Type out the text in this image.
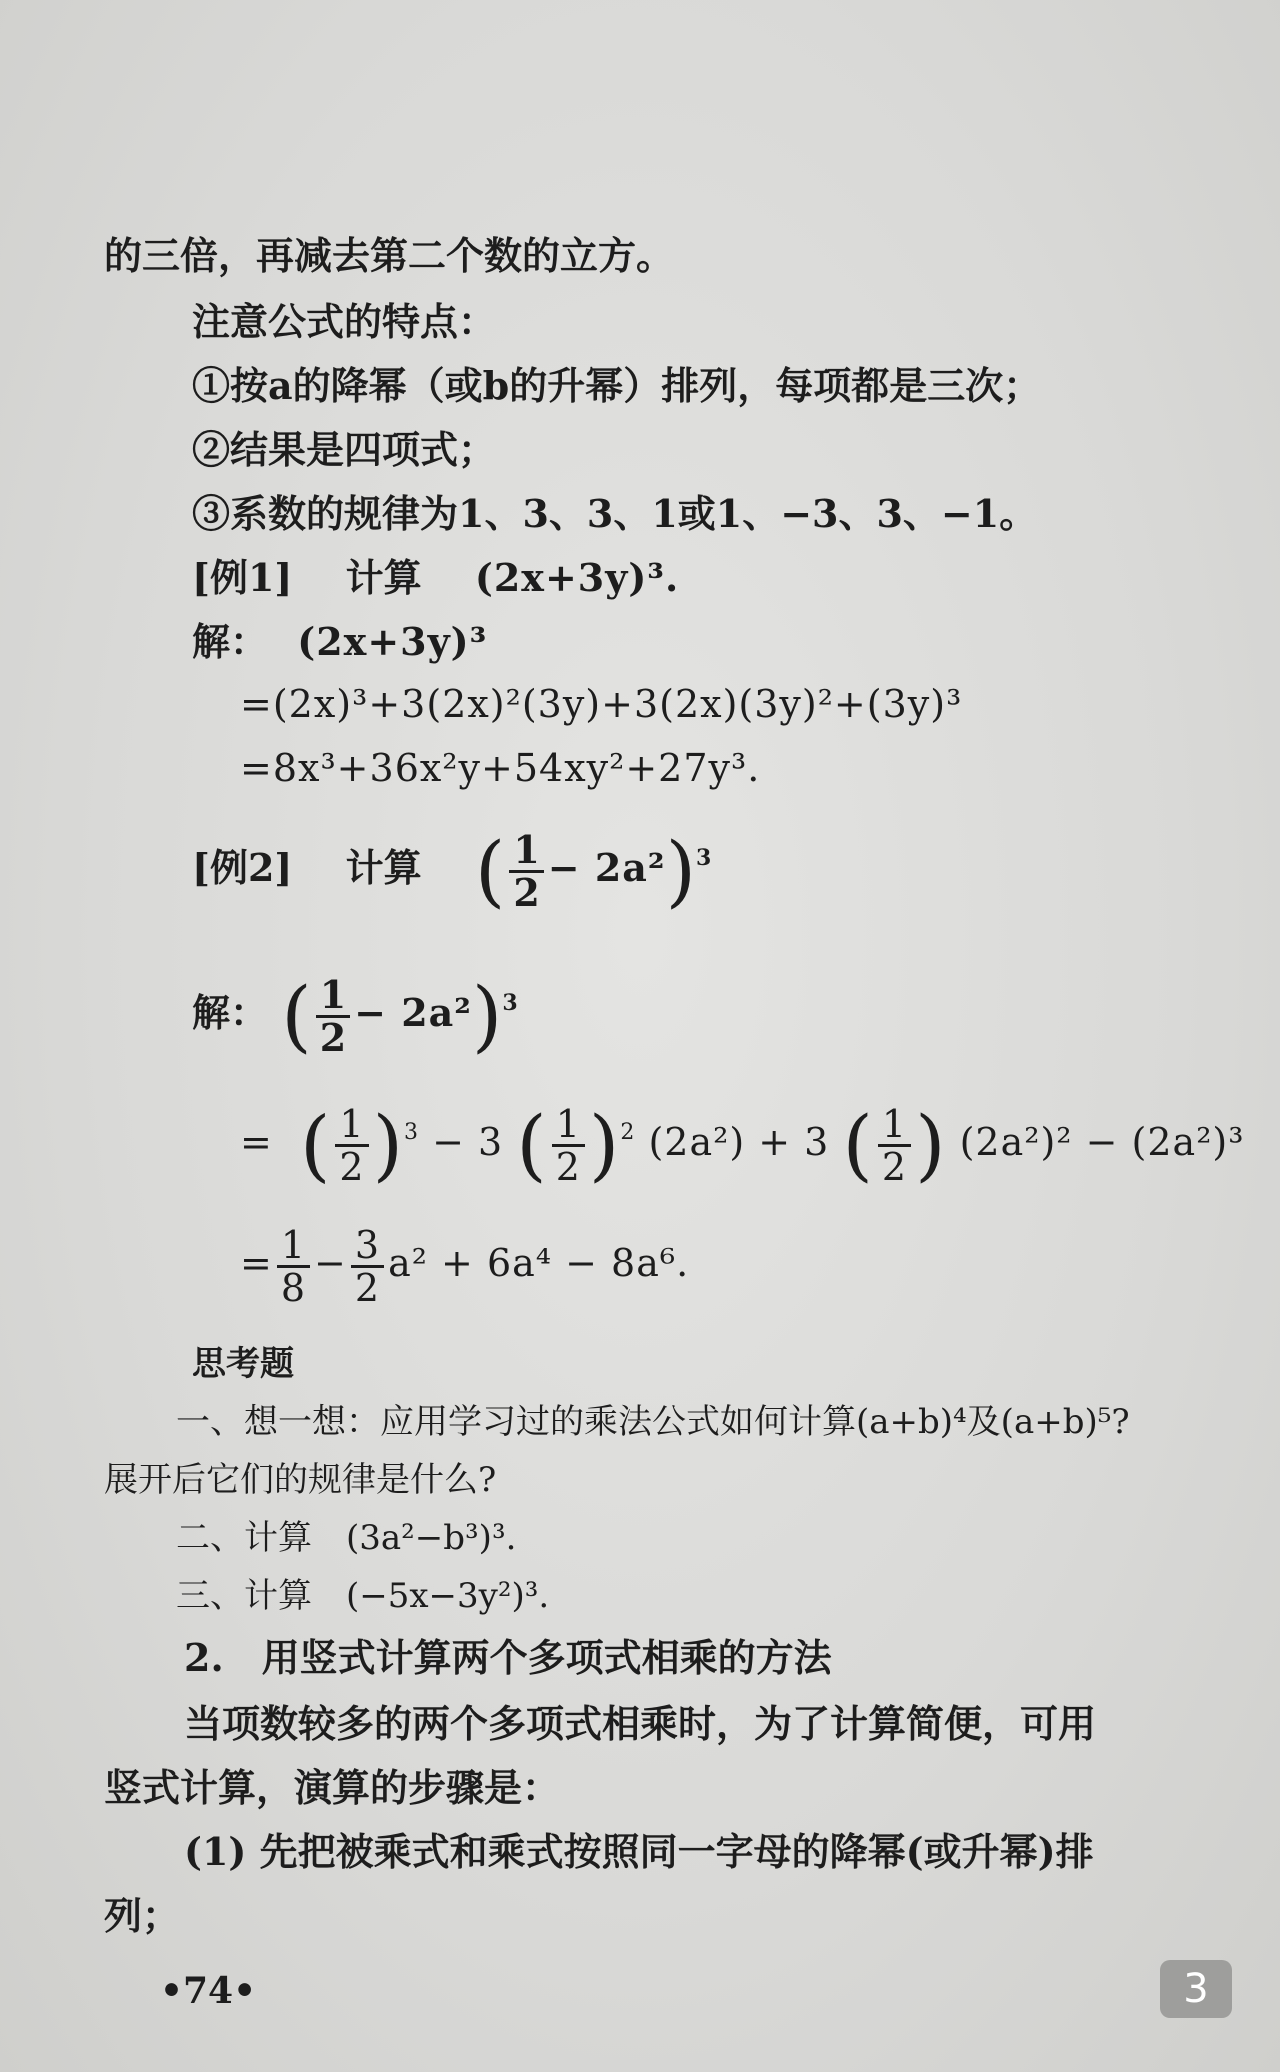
的三倍，再减去第二个数的立方。
注意公式的特点：
①按a的降幂（或b的升幂）排列，每项都是三次；
②结果是四项式；
③系数的规律为1、3、3、1或1、−3、3、−1。
[例1] 计算 (2x+3y)³.
解： (2x+3y)³
=(2x)³+3(2x)²(3y)+3(2x)(3y)²+(3y)³
=8x³+36x²y+54xy²+27y³.
[例2] 计算 ( $\frac{1}{2} - 2a^2)^3$
解： ( $\frac{1}{2} - 2a^2)^3$
= ( $\frac{1}{2} )^3 - 3$ ( $\frac{1}{2} )^2$ (2a²) + 3 ( $\frac{1}{2}$ ) (2a²)² − (2a²)³
= $\frac{1}{8} - \frac{3}{2} a^2 + 6a^4 - 8a^6$.
思考题
一、想一想：应用学习过的乘法公式如何计算(a+b)⁴及(a+b)⁵?
展开后它们的规律是什么?
二、计算　(3a²−b³)³.
三、计算　(−5x−3y²)³.
2.　用竖式计算两个多项式相乘的方法
当项数较多的两个多项式相乘时，为了计算简便，可用
竖式计算，演算的步骤是：
(1) 先把被乘式和乘式按照同一字母的降幂(或升幂)排
列；
•74•	3
